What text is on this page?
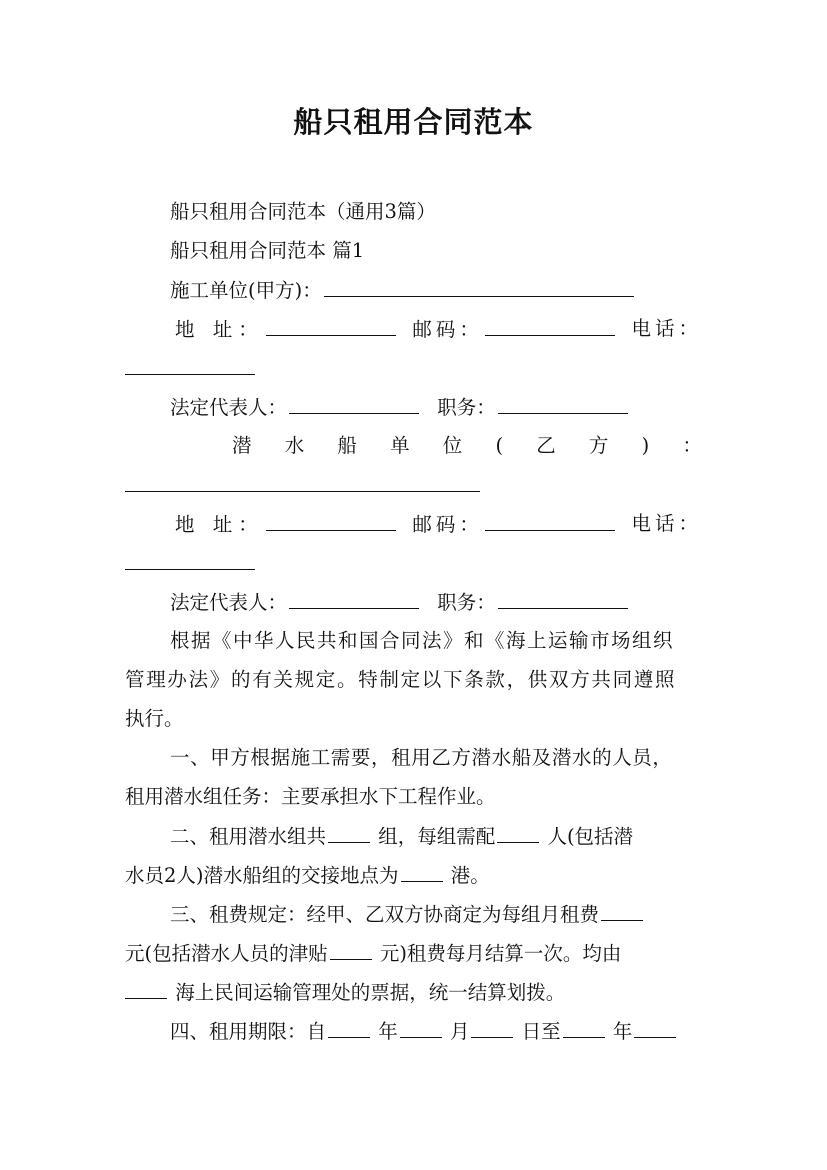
船只租用合同范本
船只租用合同范本（通用3篇）
船只租用合同范本 篇1
施工单位(甲方)：
地 址：	邮码：	电话：
法定代表人：	职务：
潜 水 船 单 位 ( 乙 方 ) ：
地 址：	邮码：	电话：
法定代表人：	职务：
根据《中华人民共和国合同法》和《海上运输市场组织
管理办法》的有关规定。特制定以下条款，供双方共同遵照
执行。
一、甲方根据施工需要，租用乙方潜水船及潜水的人员，
租用潜水组任务：主要承担水下工程作业。
二、租用潜水组共	组，每组需配	人(包括潜
水员2人)潜水船组的交接地点为	港。
三、租费规定：经甲、乙双方协商定为每组月租费
元(包括潜水人员的津贴	元)租费每月结算一次。均由
海上民间运输管理处的票据，统一结算划拨。
四、租用期限：自	年	月	日至	年
